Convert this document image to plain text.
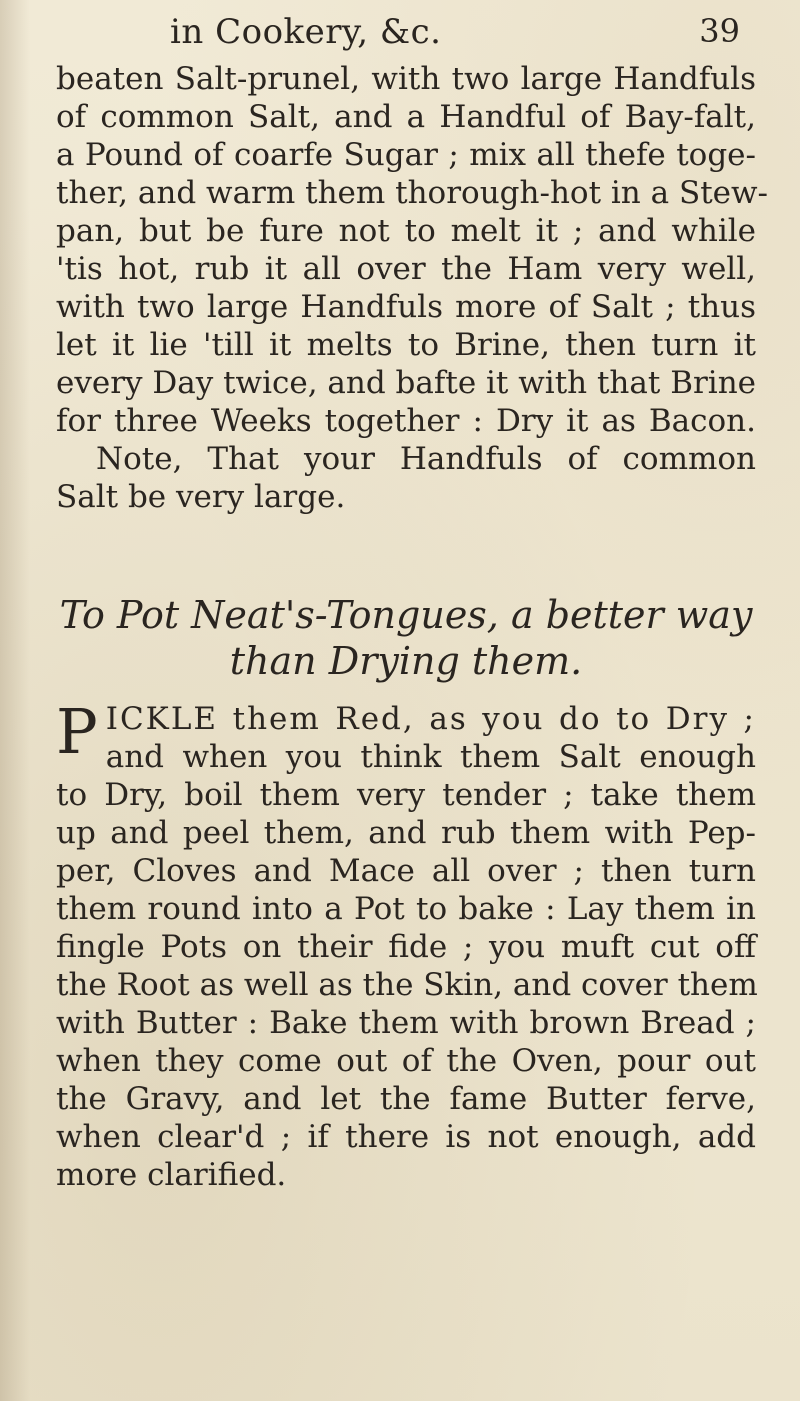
in Cookery, &c.	39
beaten Salt-prunel, with two large Handfuls
of common Salt, and a Handful of Bay-falt,
a Pound of coarfe Sugar ; mix all thefe toge-
ther, and warm them thorough-hot in a Stew-
pan, but be fure not to melt it ; and while
'tis hot, rub it all over the Ham very well,
with two large Handfuls more of Salt ; thus
let it lie 'till it melts to Brine, then turn it
every Day twice, and bafte it with that Brine
for three Weeks together : Dry it as Bacon.
Note, That your Handfuls of common
Salt be very large.
To Pot Neat's-Tongues, a better way
than Drying them.
P ICKLE them Red, as you do to Dry ;
and when you think them Salt enough
to Dry, boil them very tender ; take them
up and peel them, and rub them with Pep-
per, Cloves and Mace all over ; then turn
them round into a Pot to bake : Lay them in
fingle Pots on their fide ; you muft cut off
the Root as well as the Skin, and cover them
with Butter : Bake them with brown Bread ;
when they come out of the Oven, pour out
the Gravy, and let the fame Butter ferve,
when clear'd ; if there is not enough, add
more clarified.
